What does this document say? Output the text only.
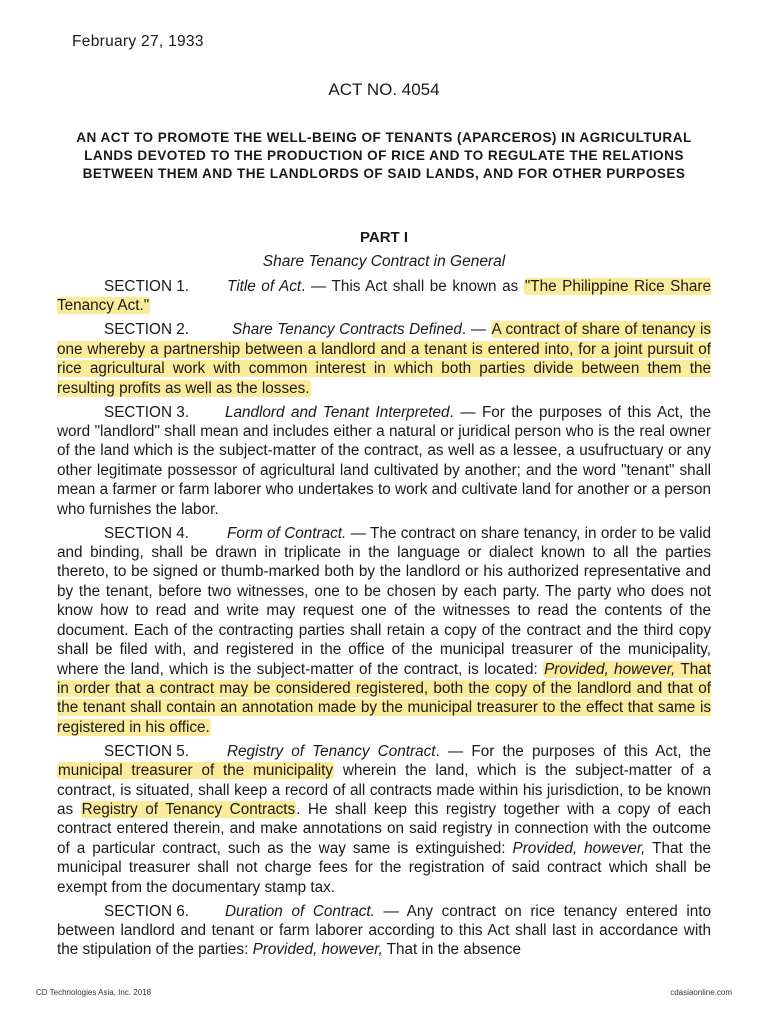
February 27, 1933
ACT NO. 4054
AN ACT TO PROMOTE THE WELL-BEING OF TENANTS (APARCEROS) IN AGRICULTURAL LANDS DEVOTED TO THE PRODUCTION OF RICE AND TO REGULATE THE RELATIONS BETWEEN THEM AND THE LANDLORDS OF SAID LANDS, AND FOR OTHER PURPOSES
PART I
Share Tenancy Contract in General

SECTION 1. Title of Act. — This Act shall be known as "The Philippine Rice Share Tenancy Act."

SECTION 2.	Share Tenancy Contracts Defined. — A contract of share of tenancy is one whereby a partnership between a landlord and a tenant is entered into, for a joint pursuit of rice agricultural work with common interest in which both parties divide between them the resulting profits as well as the losses.

SECTION 3. Landlord and Tenant Interpreted. — For the purposes of this Act, the word "landlord" shall mean and includes either a natural or juridical person who is the real owner of the land which is the subject-matter of the contract, as well as a lessee, a usufructuary or any other legitimate possessor of agricultural land cultivated by another; and the word "tenant" shall mean a farmer or farm laborer who undertakes to work and cultivate land for another or a person who furnishes the labor.

SECTION 4. Form of Contract. — The contract on share tenancy, in order to be valid and binding, shall be drawn in triplicate in the language or dialect known to all the parties thereto, to be signed or thumb-marked both by the landlord or his authorized representative and by the tenant, before two witnesses, one to be chosen by each party. The party who does not know how to read and write may request one of the witnesses to read the contents of the document. Each of the contracting parties shall retain a copy of the contract and the third copy shall be filed with, and registered in the office of the municipal treasurer of the municipality, where the land, which is the subject-matter of the contract, is located: Provided, however, That in order that a contract may be considered registered, both the copy of the landlord and that of the tenant shall contain an annotation made by the municipal treasurer to the effect that same is registered in his office.

SECTION 5. Registry of Tenancy Contract. — For the purposes of this Act, the municipal treasurer of the municipality wherein the land, which is the subject-matter of a contract, is situated, shall keep a record of all contracts made within his jurisdiction, to be known as Registry of Tenancy Contracts. He shall keep this registry together with a copy of each contract entered therein, and make annotations on said registry in connection with the outcome of a particular contract, such as the way same is extinguished: Provided, however, That the municipal treasurer shall not charge fees for the registration of said contract which shall be exempt from the documentary stamp tax.

SECTION 6. Duration of Contract. — Any contract on rice tenancy entered into between landlord and tenant or farm laborer according to this Act shall last in accordance with the stipulation of the parties: Provided, however, That in the absence

CD Technologies Asia, Inc. 2018	cdasiaonline.com
